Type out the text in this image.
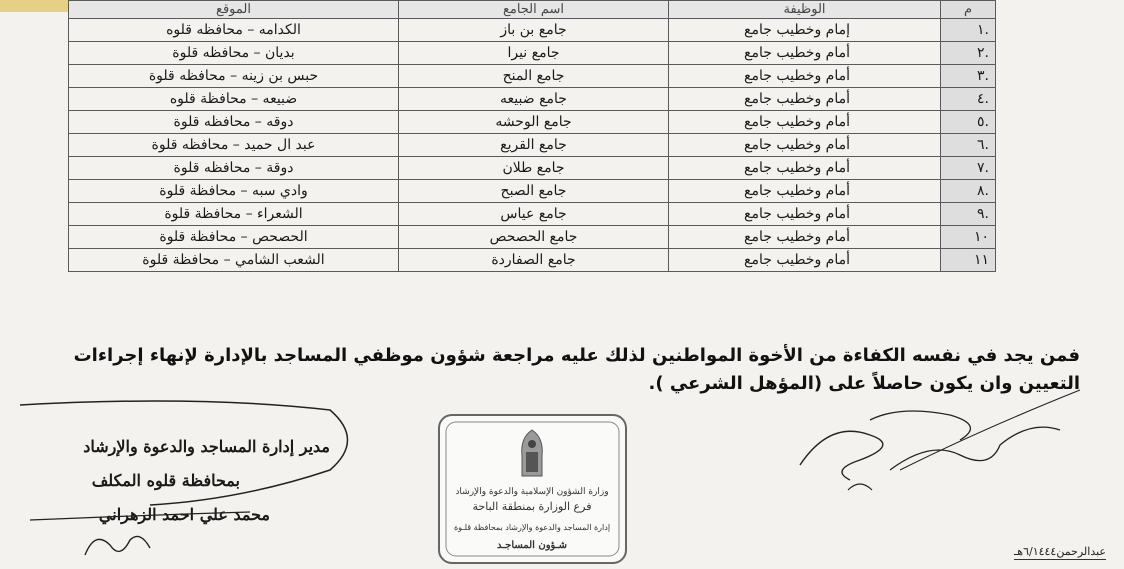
م	الوظيفة	اسم الجامع	الموقع
.١	إمام وخطيب جامع	جامع بن باز	الكدامه – محافظه قلوه
.٢	أمام وخطيب جامع	جامع نيرا	بديان – محافظه قلوة
.٣	أمام وخطيب جامع	جامع المنح	حبس بن زينه – محافظه قلوة
.٤	أمام وخطيب جامع	جامع ضبيعه	ضبيعه – محافظة قلوه
.٥	أمام وخطيب جامع	جامع الوحشه	دوقه – محافظه قلوة
.٦	أمام وخطيب جامع	جامع القريع	عبد ال حميد – محافظه قلوة
.٧	أمام وخطيب جامع	جامع طلان	دوقة – محافظه قلوة
.٨	أمام وخطيب جامع	جامع الصبح	وادي سبه – محافظة قلوة
.٩	أمام وخطيب جامع	جامع عياس	الشعراء – محافظة قلوة
١٠	أمام وخطيب جامع	جامع الحصحص	الحصحص – محافظة قلوة
١١	أمام وخطيب جامع	جامع الصفاردة	الشعب الشامي – محافظة قلوة

فمن يجد في نفسه الكفاءة من الأخوة المواطنين لذلك عليه مراجعة شؤون موظفي المساجد بالإدارة لإنهاء إجراءات

التعيين وان يكون حاصلاً على (المؤهل الشرعي ).

مدير إدارة المساجد والدعوة والإرشاد
بمحافظة قلوه المكلف
محمد علي احمد الزهراني
وزارة الشؤون الإسلامية والدعوة والإرشاد
فرع الوزارة بمنطقة الباحة
إدارة المساجد والدعوة والإرشاد بمحافظة قلـوة
شـؤون المساجـد	عبدالرحمن٦/١٤٤٤هـ
